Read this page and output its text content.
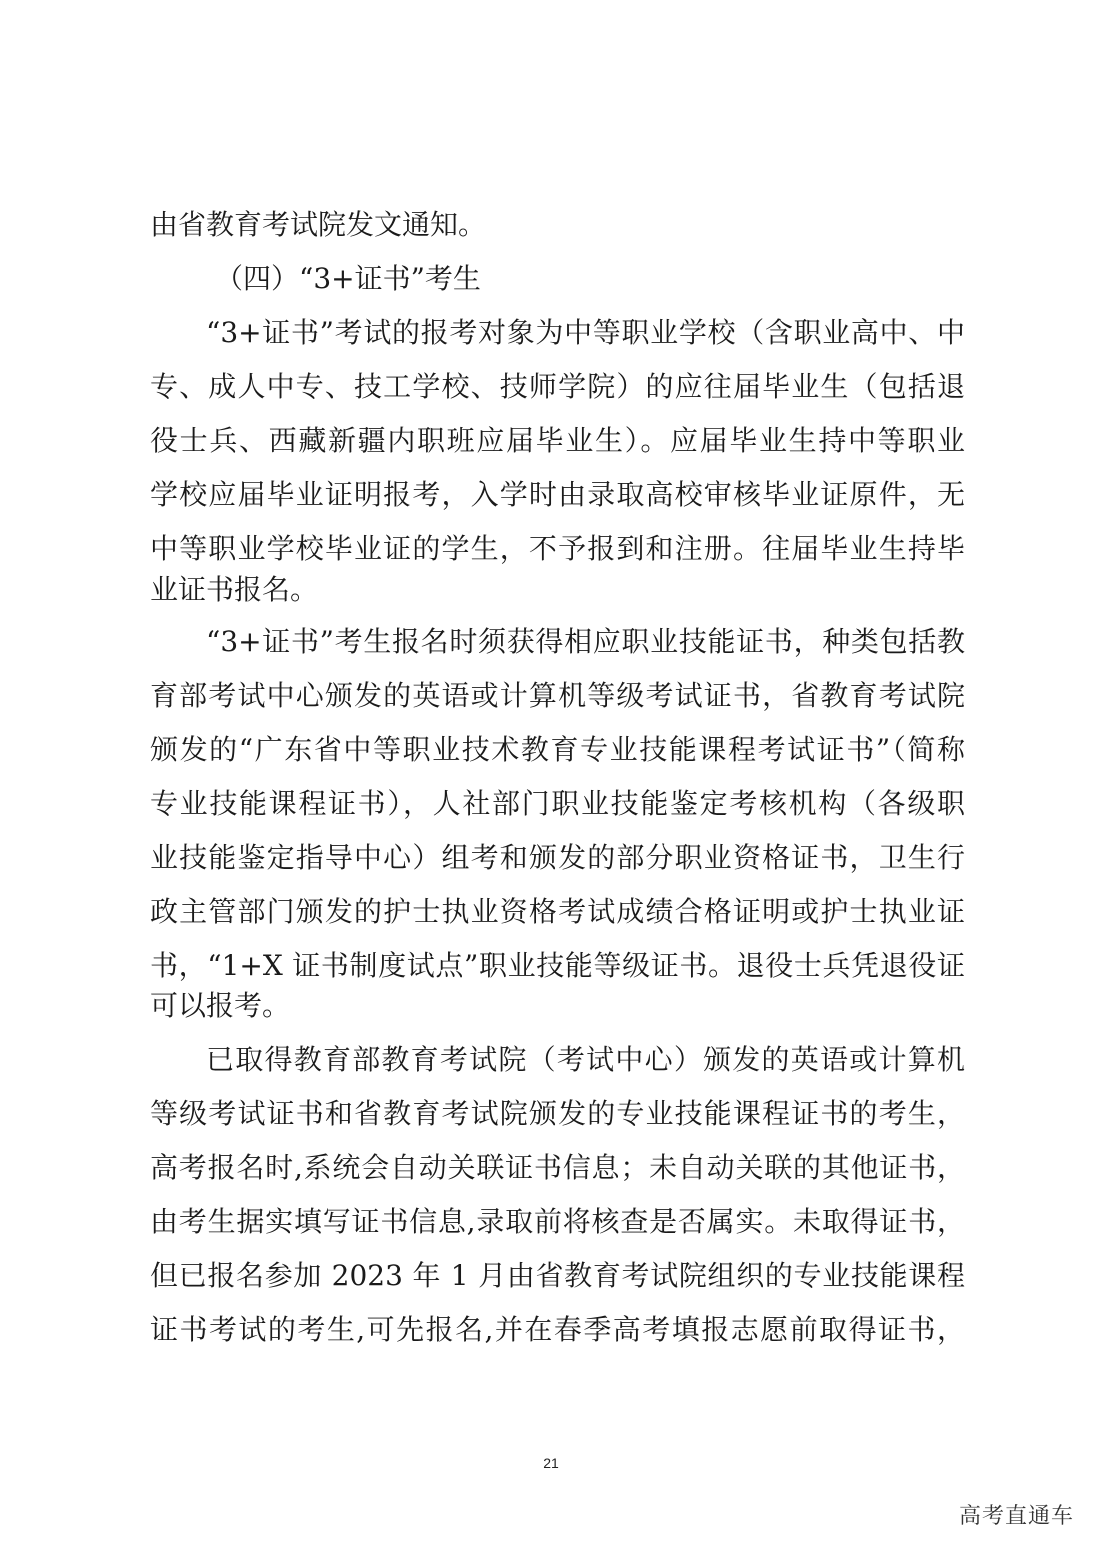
由省教育考试院发文通知。
（四）“3+证书”考生
“3+证书”考试的报考对象为中等职业学校（含职业高中、中
专、成人中专、技工学校、技师学院）的应往届毕业生（包括退
役士兵、西藏新疆内职班应届毕业生）。应届毕业生持中等职业
学校应届毕业证明报考，入学时由录取高校审核毕业证原件，无
中等职业学校毕业证的学生，不予报到和注册。往届毕业生持毕
业证书报名。
“3+证书”考生报名时须获得相应职业技能证书，种类包括教
育部考试中心颁发的英语或计算机等级考试证书，省教育考试院
颁发的“广东省中等职业技术教育专业技能课程考试证书”（简称
专业技能课程证书），人社部门职业技能鉴定考核机构（各级职
业技能鉴定指导中心）组考和颁发的部分职业资格证书，卫生行
政主管部门颁发的护士执业资格考试成绩合格证明或护士执业证
书，“1+X 证书制度试点”职业技能等级证书。退役士兵凭退役证
可以报考。
已取得教育部教育考试院（考试中心）颁发的英语或计算机
等级考试证书和省教育考试院颁发的专业技能课程证书的考生，
高考报名时,系统会自动关联证书信息；未自动关联的其他证书，
由考生据实填写证书信息,录取前将核查是否属实。未取得证书，
但已报名参加 2023 年 1 月由省教育考试院组织的专业技能课程
证书考试的考生,可先报名,并在春季高考填报志愿前取得证书，
21
高考直通车
